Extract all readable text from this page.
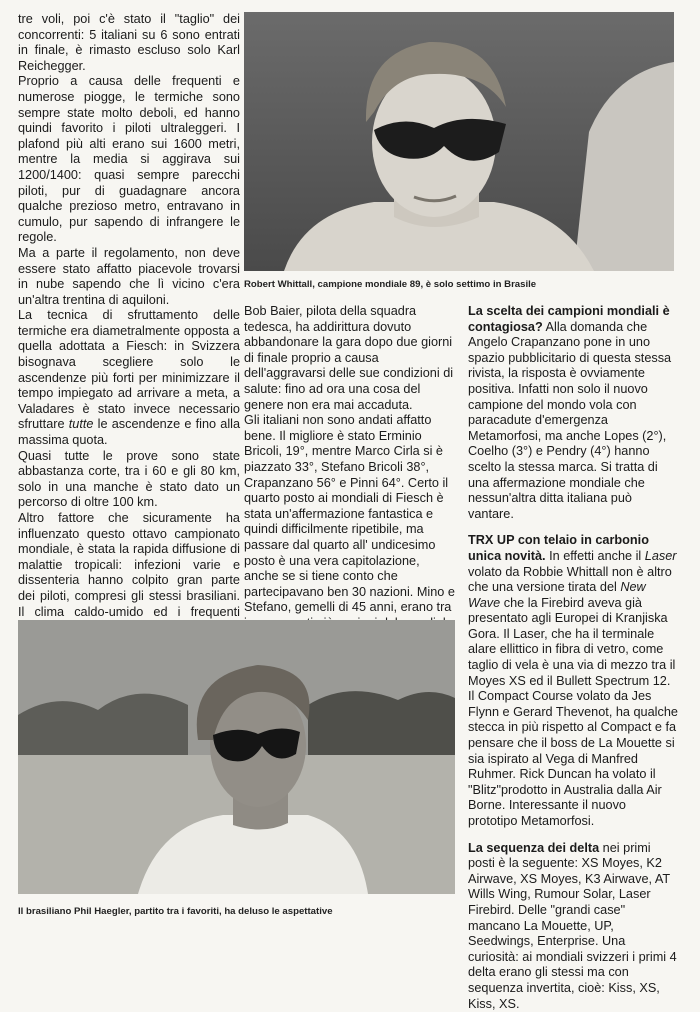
tre voli, poi c'è stato il "taglio" dei concorrenti: 5 italiani su 6 sono entrati in finale, è rimasto escluso solo Karl Reichegger.

Proprio a causa delle frequenti e numerose piogge, le termiche sono sempre state molto deboli, ed hanno quindi favorito i piloti ultraleggeri. I plafond più alti erano sui 1600 metri, mentre la media si aggirava sui 1200/1400: quasi sempre parecchi piloti, pur di guadagnare ancora qualche prezioso metro, entravano in cumulo, pur sapendo di infrangere le regole.

Ma a parte il regolamento, non deve essere stato affatto piacevole trovarsi in nube sapendo che lì vicino c'era un'altra trentina di aquiloni.

La tecnica di sfruttamento delle termiche era diametralmente opposta a quella adottata a Fiesch: in Svizzera bisognava scegliere solo le ascendenze più forti per minimizzare il tempo impiegato ad arrivare a meta, a Valadares è stato invece necessario sfruttare tutte le ascendenze e fino alla massima quota.

Quasi tutte le prove sono state abbastanza corte, tra i 60 e gli 80 km, solo in una manche è stato dato un percorso di oltre 100 km.

Altro fattore che sicuramente ha influenzato questo ottavo campionato mondiale, è stata la rapida diffusione di malattie tropicali: infezioni varie e dissenteria hanno colpito gran parte dei piloti, compresi gli stessi brasiliani. Il clima caldo-umido ed i frequenti

Robert Whittall, campione mondiale 89, è solo settimo in Brasile

Bob Baier, pilota della squadra tedesca, ha addirittura dovuto abbandonare la gara dopo due giorni di finale proprio a causa dell'aggravarsi delle sue condizioni di salute: fino ad ora una cosa del genere non era mai accaduta.

Gli italiani non sono andati affatto bene. Il migliore è stato Erminio Bricoli, 19°, mentre Marco Cirla si è piazzato 33°, Stefano Bricoli 38°, Crapanzano 56° e Pinni 64°. Certo il quarto posto ai mondiali di Fiesch è stata un'affermazione fantastica e quindi difficilmente ripetibile, ma passare dal quarto all' undicesimo posto è una vera capitolazione, anche se si tiene conto che partecipavano ben 30 nazioni. Mino e Stefano, gemelli di 45 anni, erano tra

La scelta dei campioni mondiali è contagiosa? Alla domanda che Angelo Crapanzano pone in uno spazio pubblicitario di questa stessa rivista, la risposta è ovviamente positiva. Infatti non solo il nuovo campione del mondo vola con paracadute d'emergenza Metamorfosi, ma anche Lopes (2°), Coelho (3°) e Pendry (4°) hanno scelto la stessa marca. Si tratta di una affermazione mondiale che nessun'altra ditta italiana può vantare.

TRX UP con telaio in carbonio unica novità. In effetti anche il Laser volato da Robbie Whittall non è altro che una versione tirata del New Wave che la Firebird aveva già presentato agli Europei di Kranjiska Gora. Il Laser, che ha il terminale alare ellittico in fibra di vetro, come taglio di vela è una via di mezzo tra il Moyes XS ed il Bullett Spectrum 12. Il Compact Course volato da Jes Flynn e Gerard Thevenot, ha qualche stecca in più rispetto al Compact e fa pensare che il boss de La Mouette si sia ispirato al Vega di Manfred Ruhmer. Rick Duncan ha volato il "Blitz"prodotto in Australia dalla Air Borne. Interessante il nuovo prototipo Metamorfosi.

La sequenza dei delta nei primi posti è la seguente: XS Moyes, K2 Airwave, XS Moyes, K3 Airwave, AT Wills Wing, Rumour Solar, Laser Firebird. Delle "grandi case" mancano La Mouette, UP, Seedwings, Enterprise. Una curiosità: ai mondiali svizzeri i primi 4 delta erano gli stessi ma con sequenza invertita, cioè: Kiss, XS, Kiss, XS.

Il brasiliano Phil Haegler, partito tra i favoriti, ha deluso le aspettative
